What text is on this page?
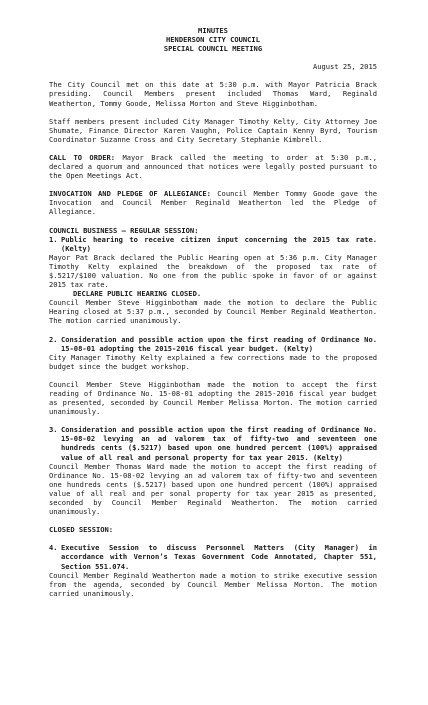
MINUTES

HENDERSON CITY COUNCIL

SPECIAL COUNCIL MEETING

August 25, 2015

The City Council met on this date at 5:30 p.m. with Mayor Patricia Brack presiding. Council Members present included Thomas Ward, Reginald Weatherton, Tommy Goode, Melissa Morton and Steve Higginbotham.

Staff members present included City Manager Timothy Kelty, City Attorney Joe Shumate, Finance Director Karen Vaughn, Police Captain Kenny Byrd, Tourism Coordinator Suzanne Cross and City Secretary Stephanie Kimbrell.

CALL TO ORDER: Mayor Brack called the meeting to order at 5:30 p.m., declared a quorum and announced that notices were legally posted pursuant to the Open Meetings Act.

INVOCATION AND PLEDGE OF ALLEGIANCE: Council Member Tommy Goode gave the Invocation and Council Member Reginald Weatherton led the Pledge of Allegiance.

COUNCIL BUSINESS – REGULAR SESSION:

1. Public hearing to receive citizen input concerning the 2015 tax rate. (Kelty)

Mayor Pat Brack declared the Public Hearing open at 5:36 p.m. City Manager Timothy Kelty explained the breakdown of the proposed tax rate of $.5217/$100 valuation. No one from the public spoke in favor of or against 2015 tax rate.

DECLARE PUBLIC HEARING CLOSED.

Council Member Steve Higginbotham made the motion to declare the Public Hearing closed at 5:37 p.m., seconded by Council Member Reginald Weatherton. The motion carried unanimously.

2. Consideration and possible action upon the first reading of Ordinance No. 15-08-01 adopting the 2015-2016 fiscal year budget. (Kelty)

City Manager Timothy Kelty explained a few corrections made to the proposed budget since the budget workshop.

Council Member Steve Higginbotham made the motion to accept the first reading of Ordinance No. 15-08-01 adopting the 2015-2016 fiscal year budget as presented, seconded by Council Member Melissa Morton. The motion carried unanimously.

3. Consideration and possible action upon the first reading of Ordinance No. 15-08-02 levying an ad valorem tax of fifty-two and seventeen one hundreds cents ($.5217) based upon one hundred percent (100%) appraised value of all real and personal property for tax year 2015. (Kelty)

Council Member Thomas Ward made the motion to accept the first reading of Ordinance No. 15-08-02 levying an ad valorem tax of fifty-two and seventeen one hundreds cents ($.5217) based upon one hundred percent (100%) appraised value of all real and per sonal property for tax year 2015 as presented, seconded by Council Member Reginald Weatherton. The motion carried unanimously.

CLOSED SESSION:

4. Executive Session to discuss Personnel Matters (City Manager) in accordance with Vernon’s Texas Government Code Annotated, Chapter 551, Section 551.074.

Council Member Reginald Weatherton made a motion to strike executive session from the agenda, seconded by Council Member Melissa Morton. The motion carried unanimously.
